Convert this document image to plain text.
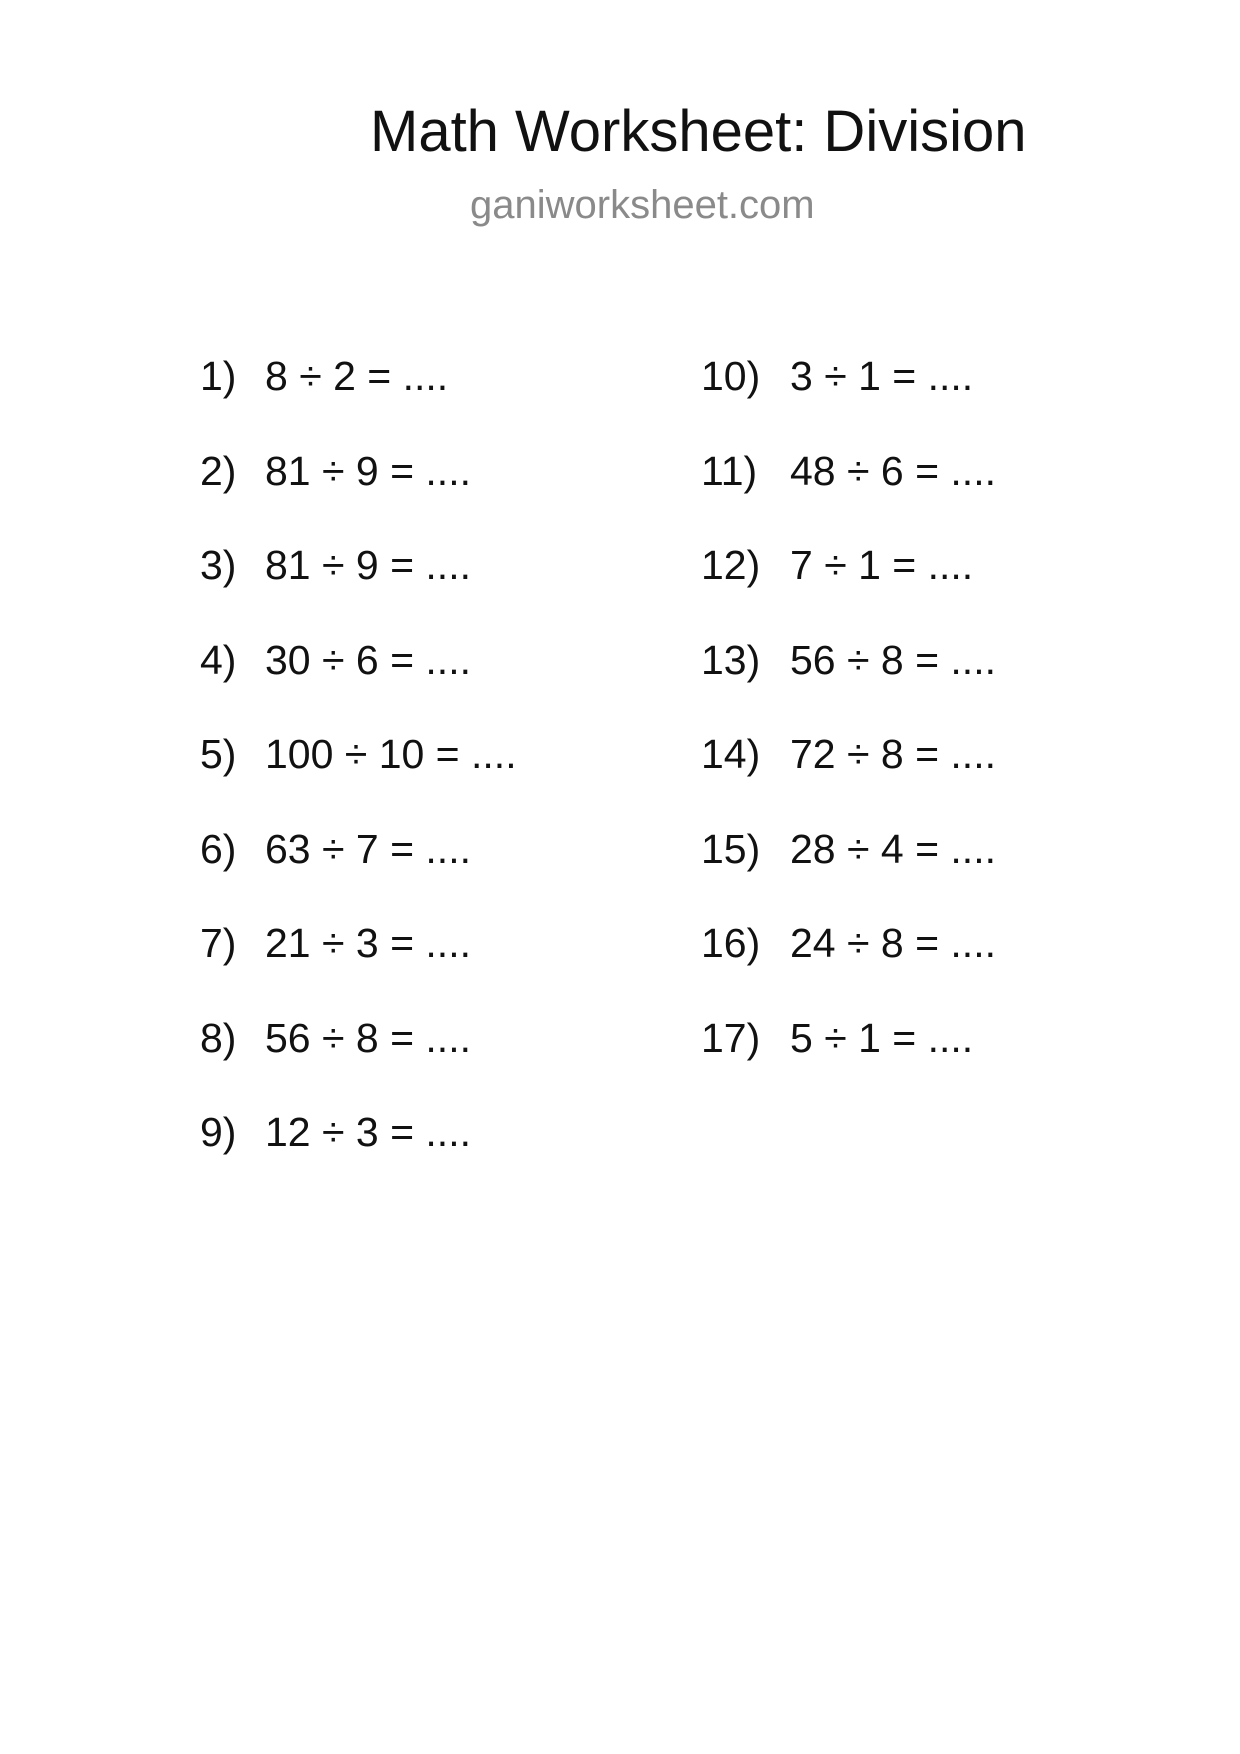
Math Worksheet: Division
ganiworksheet.com
1) 8 ÷ 2 = ....
2) 81 ÷ 9 = ....
3) 81 ÷ 9 = ....
4) 30 ÷ 6 = ....
5) 100 ÷ 10 = ....
6) 63 ÷ 7 = ....
7) 21 ÷ 3 = ....
8) 56 ÷ 8 = ....
9) 12 ÷ 3 = ....
10) 3 ÷ 1 = ....
11) 48 ÷ 6 = ....
12) 7 ÷ 1 = ....
13) 56 ÷ 8 = ....
14) 72 ÷ 8 = ....
15) 28 ÷ 4 = ....
16) 24 ÷ 8 = ....
17) 5 ÷ 1 = ....
